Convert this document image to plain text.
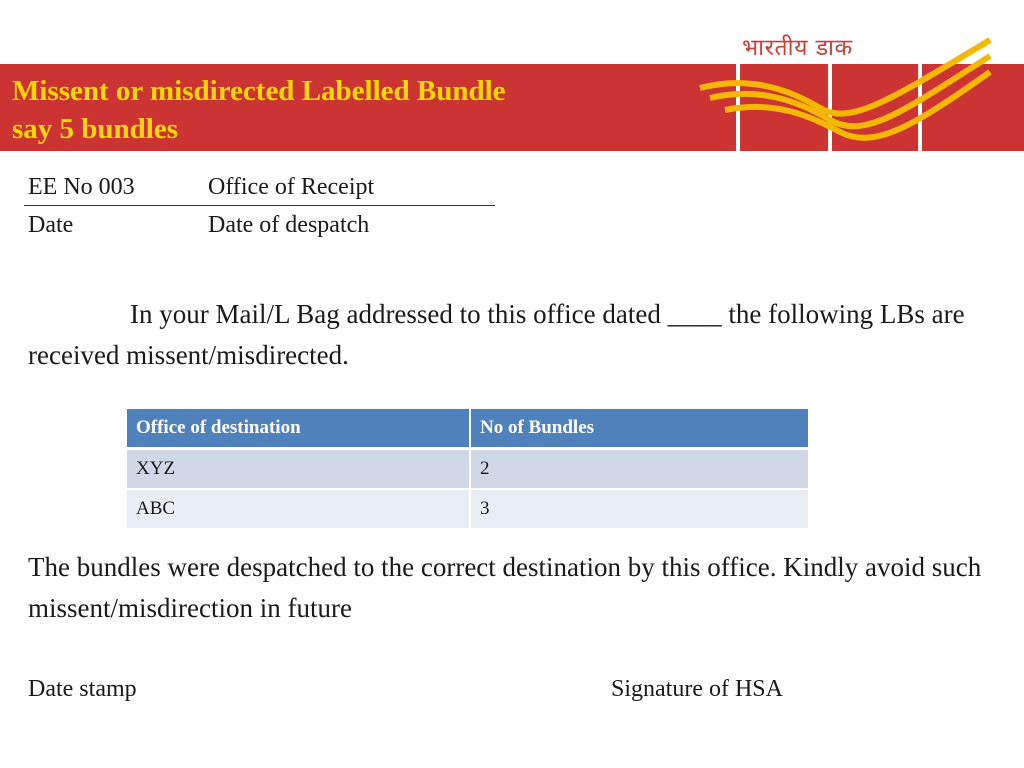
भारतीय डाक
Missent or misdirected Labelled Bundle
say 5 bundles
EE No 003	Office of Receipt
Date	Date of despatch
In your Mail/L Bag addressed to this office dated ____ the following LBs are received missent/misdirected.
Office of destination	No of Bundles
XYZ	2
ABC	3
The bundles were despatched to the correct destination by this office. Kindly avoid such missent/misdirection in future
Date stamp	Signature of HSA
